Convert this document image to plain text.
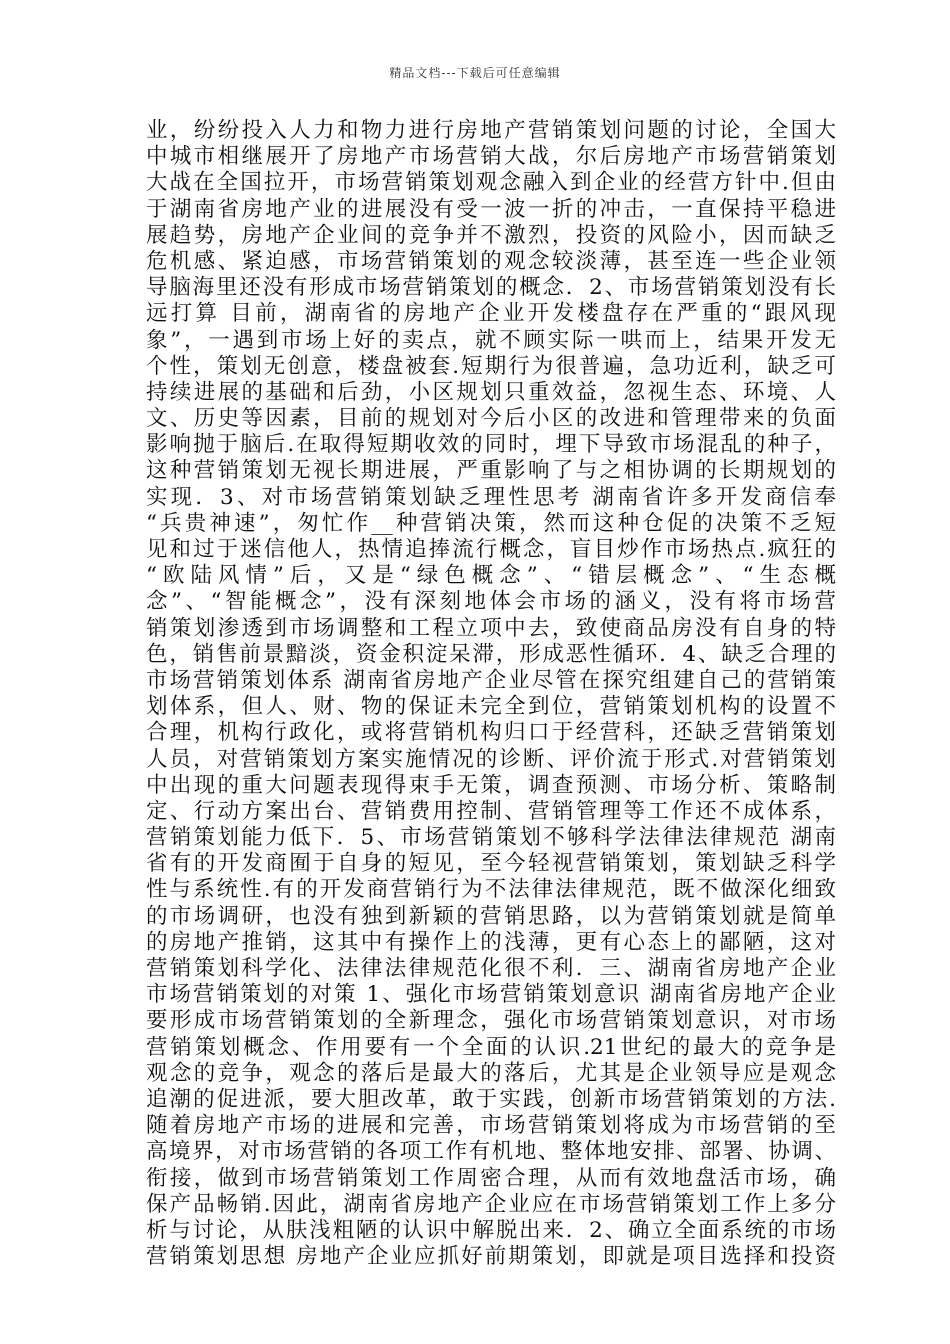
精品文档---下载后可任意编辑
业，纷纷投入人力和物力进行房地产营销策划问题的讨论，全国大
中城市相继展开了房地产市场营销大战，尔后房地产市场营销策划
大战在全国拉开，市场营销策划观念融入到企业的经营方针中.但由
于湖南省房地产业的进展没有受一波一折的冲击，一直保持平稳进
展趋势，房地产企业间的竞争并不激烈，投资的风险小，因而缺乏
危机感、紧迫感，市场营销策划的观念较淡薄，甚至连一些企业领
导脑海里还没有形成市场营销策划的概念．2、市场营销策划没有长
远打算 目前，湖南省的房地产企业开发楼盘存在严重的“跟风现
象”，一遇到市场上好的卖点，就不顾实际一哄而上，结果开发无
个性，策划无创意，楼盘被套.短期行为很普遍，急功近利，缺乏可
持续进展的基础和后劲，小区规划只重效益，忽视生态、环境、人
文、历史等因素，目前的规划对今后小区的改进和管理带来的负面
影响抛于脑后.在取得短期收效的同时，埋下导致市场混乱的种子，
这种营销策划无视长期进展，严重影响了与之相协调的长期规划的
实现．3、对市场营销策划缺乏理性思考 湖南省许多开发商信奉
“兵贵神速”，匆忙作__种营销决策，然而这种仓促的决策不乏短
见和过于迷信他人，热情追捧流行概念，盲目炒作市场热点.疯狂的
“欧陆风情”后，又是“绿色概念”、“错层概念”、“生态概
念”、“智能概念”，没有深刻地体会市场的涵义，没有将市场营
销策划渗透到市场调整和工程立项中去，致使商品房没有自身的特
色，销售前景黯淡，资金积淀呆滞，形成恶性循环．4、缺乏合理的
市场营销策划体系 湖南省房地产企业尽管在探究组建自己的营销策
划体系，但人、财、物的保证未完全到位，营销策划机构的设置不
合理，机构行政化，或将营销机构归口于经营科，还缺乏营销策划
人员，对营销策划方案实施情况的诊断、评价流于形式.对营销策划
中出现的重大问题表现得束手无策，调查预测、市场分析、策略制
定、行动方案出台、营销费用控制、营销管理等工作还不成体系，
营销策划能力低下．5、市场营销策划不够科学法律法律规范 湖南
省有的开发商囿于自身的短见，至今轻视营销策划，策划缺乏科学
性与系统性.有的开发商营销行为不法律法律规范，既不做深化细致
的市场调研，也没有独到新颖的营销思路，以为营销策划就是简单
的房地产推销，这其中有操作上的浅薄，更有心态上的鄙陋，这对
营销策划科学化、法律法律规范化很不利．三、湖南省房地产企业
市场营销策划的对策 1、强化市场营销策划意识 湖南省房地产企业
要形成市场营销策划的全新理念，强化市场营销策划意识，对市场
营销策划概念、作用要有一个全面的认识.21世纪的最大的竞争是
观念的竞争，观念的落后是最大的落后，尤其是企业领导应是观念
追潮的促进派，要大胆改革，敢于实践，创新市场营销策划的方法.
随着房地产市场的进展和完善，市场营销策划将成为市场营销的至
高境界，对市场营销的各项工作有机地、整体地安排、部署、协调、
衔接，做到市场营销策划工作周密合理，从而有效地盘活市场，确
保产品畅销.因此，湖南省房地产企业应在市场营销策划工作上多分
析与讨论，从肤浅粗陋的认识中解脱出来．2、确立全面系统的市场
营销策划思想 房地产企业应抓好前期策划，即就是项目选择和投资
